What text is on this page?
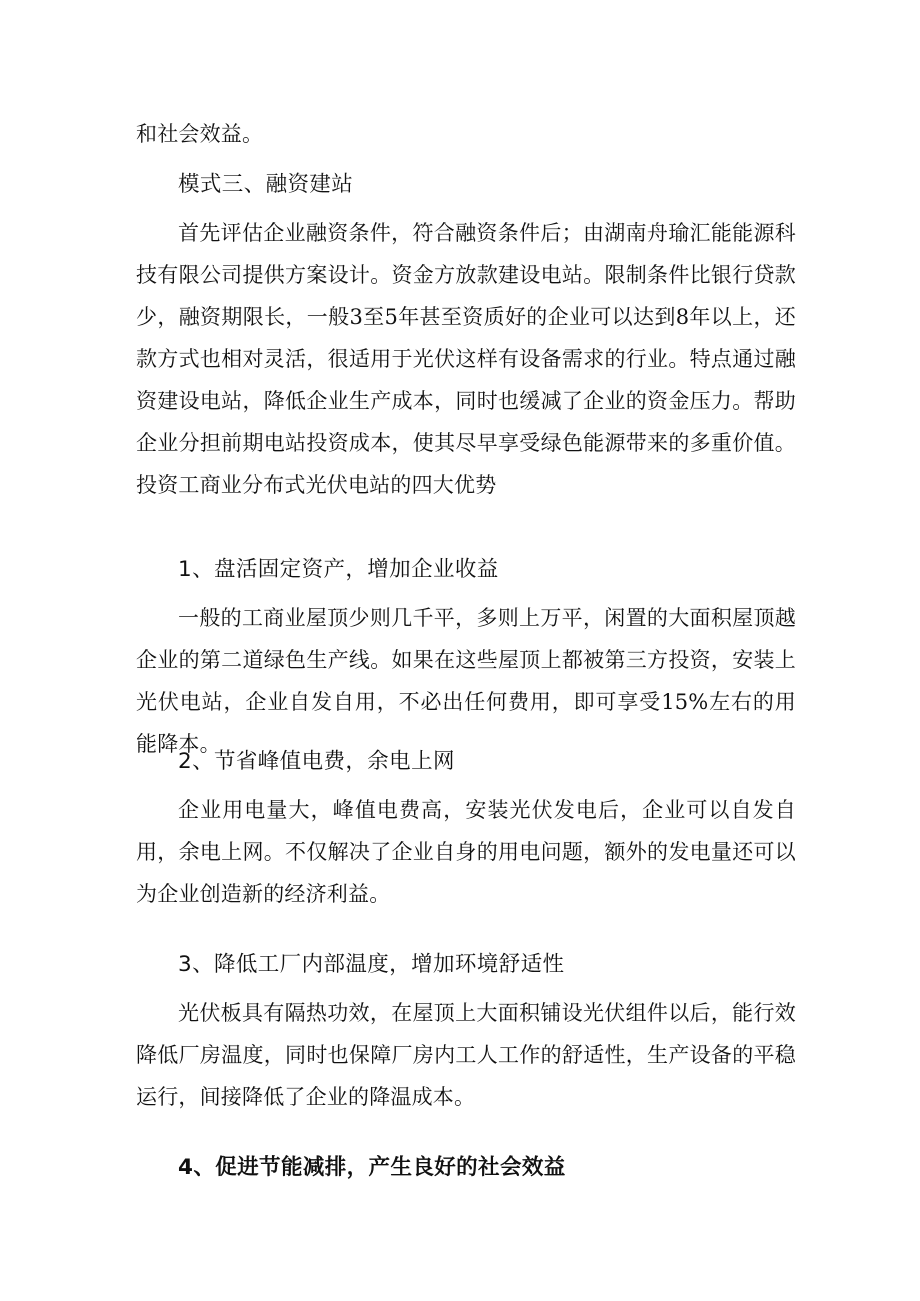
和社会效益。

模式三、融资建站

首先评估企业融资条件，符合融资条件后；由湖南舟瑜汇能能源科技有限公司提供方案设计。资金方放款建设电站。限制条件比银行贷款少，融资期限长，一般3至5年甚至资质好的企业可以达到8年以上，还款方式也相对灵活，很适用于光伏这样有设备需求的行业。特点通过融资建设电站，降低企业生产成本，同时也缓减了企业的资金压力。帮助企业分担前期电站投资成本，使其尽早享受绿色能源带来的多重价值。投资工商业分布式光伏电站的四大优势

1、盘活固定资产，增加企业收益

一般的工商业屋顶少则几千平，多则上万平，闲置的大面积屋顶越企业的第二道绿色生产线。如果在这些屋顶上都被第三方投资，安装上光伏电站，企业自发自用，不必出任何费用，即可享受15%左右的用能降本。

2、节省峰值电费，余电上网

企业用电量大，峰值电费高，安装光伏发电后，企业可以自发自用，余电上网。不仅解决了企业自身的用电问题，额外的发电量还可以为企业创造新的经济利益。

3、降低工厂内部温度，增加环境舒适性

光伏板具有隔热功效，在屋顶上大面积铺设光伏组件以后，能行效降低厂房温度，同时也保障厂房内工人工作的舒适性，生产设备的平稳运行，间接降低了企业的降温成本。

4、促进节能减排，产生良好的社会效益
